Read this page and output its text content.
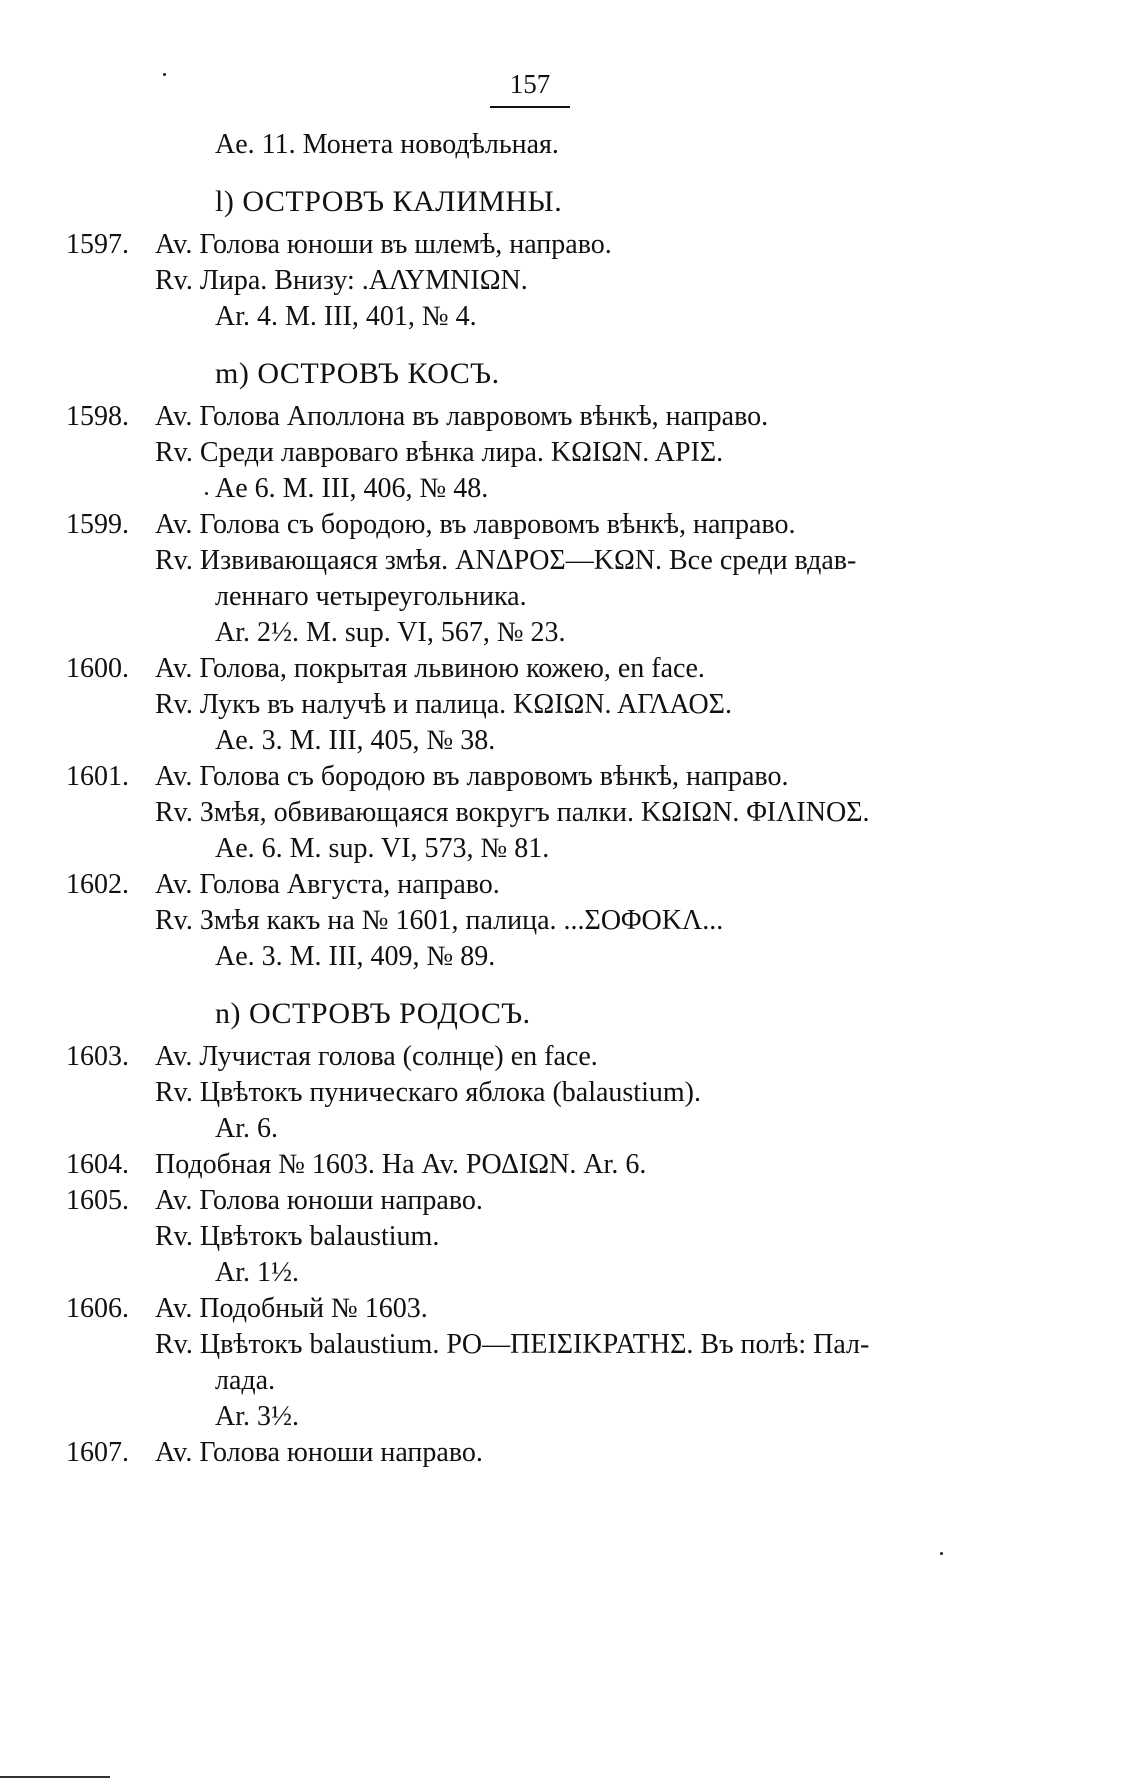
157
Ae. 11. Монета новодѣльная.
l) ОСТРОВЪ КАЛИМНЫ.
1597. Av. Голова юноши въ шлемѣ, направо.
Rv. Лира. Внизу: .ΑΛΥΜΝΙΩΝ.
Ar. 4. M. III, 401, № 4.
m) ОСТРОВЪ КОСЪ.
1598. Av. Голова Аполлона въ лавровомъ вѣнкѣ, направо.
Rv. Среди лавроваго вѣнка лира. ΚΩΙΩΝ. ΑΡΙΣ.
Ae 6. M. III, 406, № 48.
1599. Av. Голова съ бородою, въ лавровомъ вѣнкѣ, направо.
Rv. Извивающаяся змѣя. ΑΝΔΡΟΣ—ΚΩΝ. Все среди вдав-
леннаго четыреугольника.
Ar. 2½. M. sup. VI, 567, № 23.
1600. Av. Голова, покрытая львиною кожею, en face.
Rv. Лукъ въ налучѣ и палица. ΚΩΙΩΝ. ΑΓΛΑΟΣ.
Ae. 3. M. III, 405, № 38.
1601. Av. Голова съ бородою въ лавровомъ вѣнкѣ, направо.
Rv. Змѣя, обвивающаяся вокругъ палки. ΚΩΙΩΝ. ΦΙΛΙΝΟΣ.
Ae. 6. M. sup. VI, 573, № 81.
1602. Av. Голова Августа, направо.
Rv. Змѣя какъ на № 1601, палица. ...ΣΟΦΟΚΛ...
Ae. 3. M. III, 409, № 89.
n) ОСТРОВЪ РОДОСЪ.
1603. Av. Лучистая голова (солнце) en face.
Rv. Цвѣтокъ пуническаго яблока (balaustium).
Ar. 6.
1604. Подобная № 1603. На Av. ΡΟΔΙΩΝ. Ar. 6.
1605. Av. Голова юноши направо.
Rv. Цвѣтокъ balaustium.
Ar. 1½.
1606. Av. Подобный № 1603.
Rv. Цвѣтокъ balaustium. ΡΟ—ΠΕΙΣΙΚΡΑΤΗΣ. Въ полѣ: Пал-
лада.
Ar. 3½.
1607. Av. Голова юноши направо.
